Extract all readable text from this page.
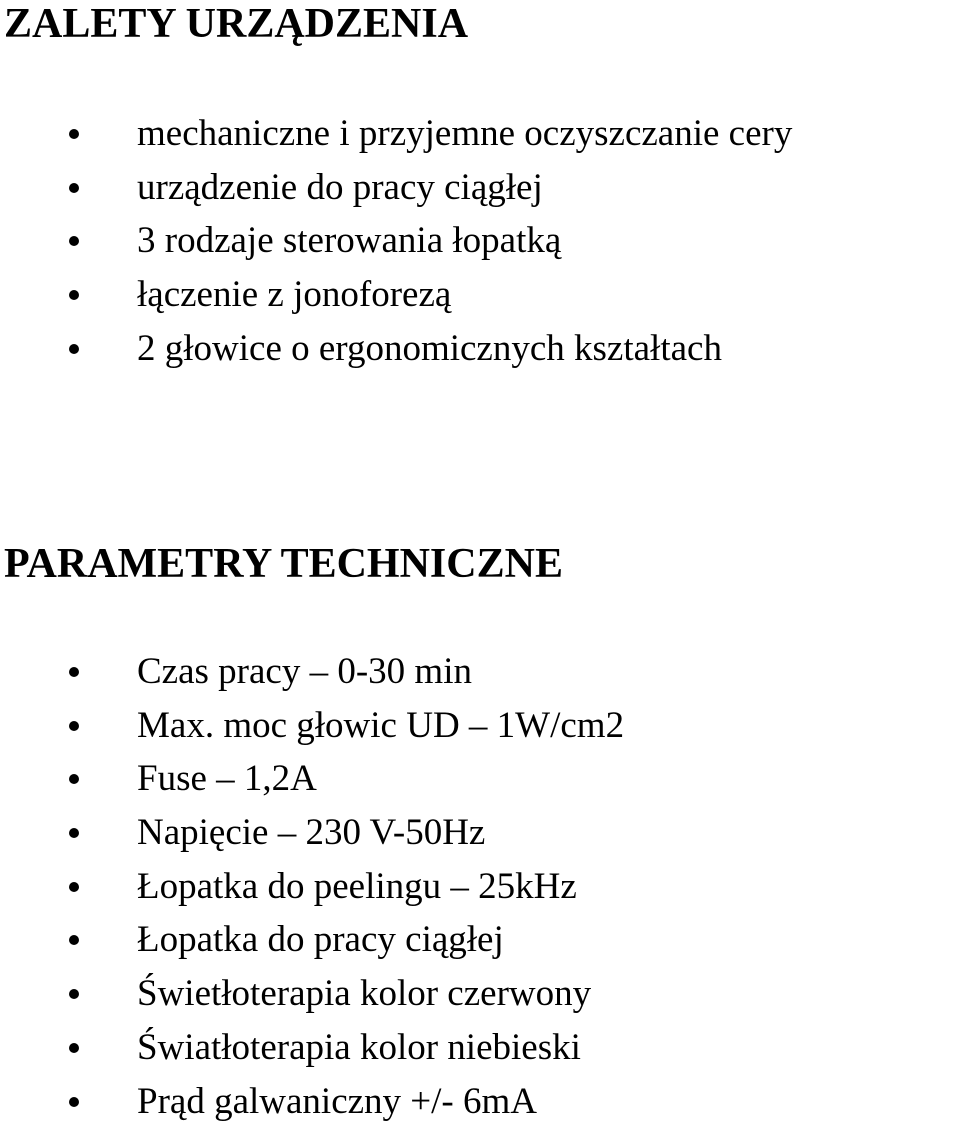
ZALETY URZĄDZENIA
mechaniczne i przyjemne oczyszczanie cery
urządzenie do pracy ciągłej
3 rodzaje sterowania łopatką
łączenie z jonoforezą
2 głowice o ergonomicznych kształtach
PARAMETRY TECHNICZNE
Czas pracy – 0-30 min
Max. moc głowic UD – 1W/cm2
Fuse – 1,2A
Napięcie – 230 V-50Hz
Łopatka do peelingu – 25kHz
Łopatka do pracy ciągłej
Świetłoterapia kolor czerwony
Światłoterapia kolor niebieski
Prąd galwaniczny +/- 6mA
